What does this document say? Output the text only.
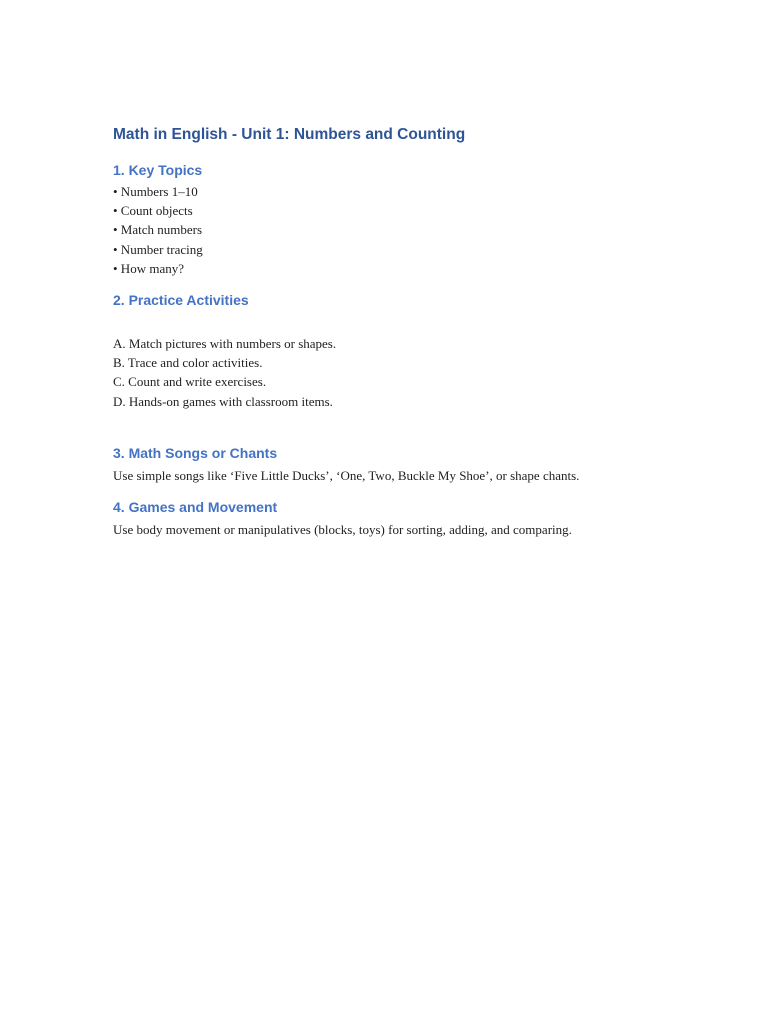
Math in English - Unit 1: Numbers and Counting
1. Key Topics
• Numbers 1–10
• Count objects
• Match numbers
• Number tracing
• How many?
2. Practice Activities
A. Match pictures with numbers or shapes.
B. Trace and color activities.
C. Count and write exercises.
D. Hands-on games with classroom items.
3. Math Songs or Chants

Use simple songs like ‘Five Little Ducks’, ‘One, Two, Buckle My Shoe’, or shape chants.

4. Games and Movement

Use body movement or manipulatives (blocks, toys) for sorting, adding, and comparing.
